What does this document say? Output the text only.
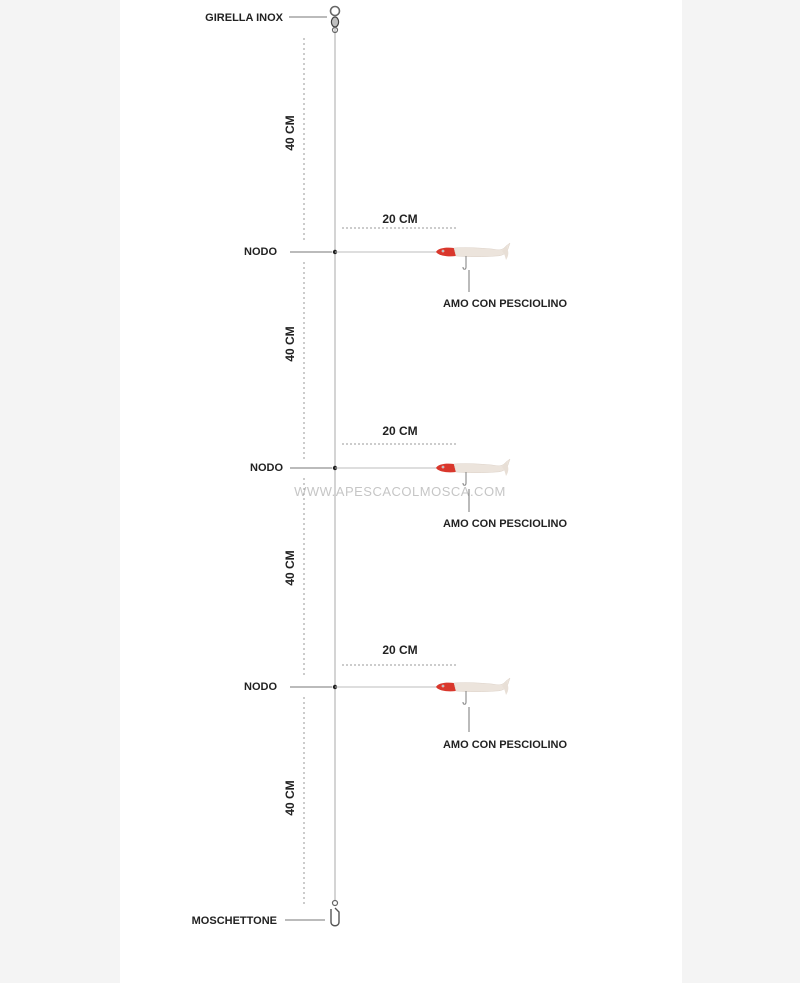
WWW.APESCACOLMOSCA.COM
GIRELLA INOX
MOSCHETTONE
40 CM
40 CM
40 CM
40 CM
20 CM
NODO
AMO CON PESCIOLINO
20 CM
NODO
AMO CON PESCIOLINO
20 CM
NODO
AMO CON PESCIOLINO
